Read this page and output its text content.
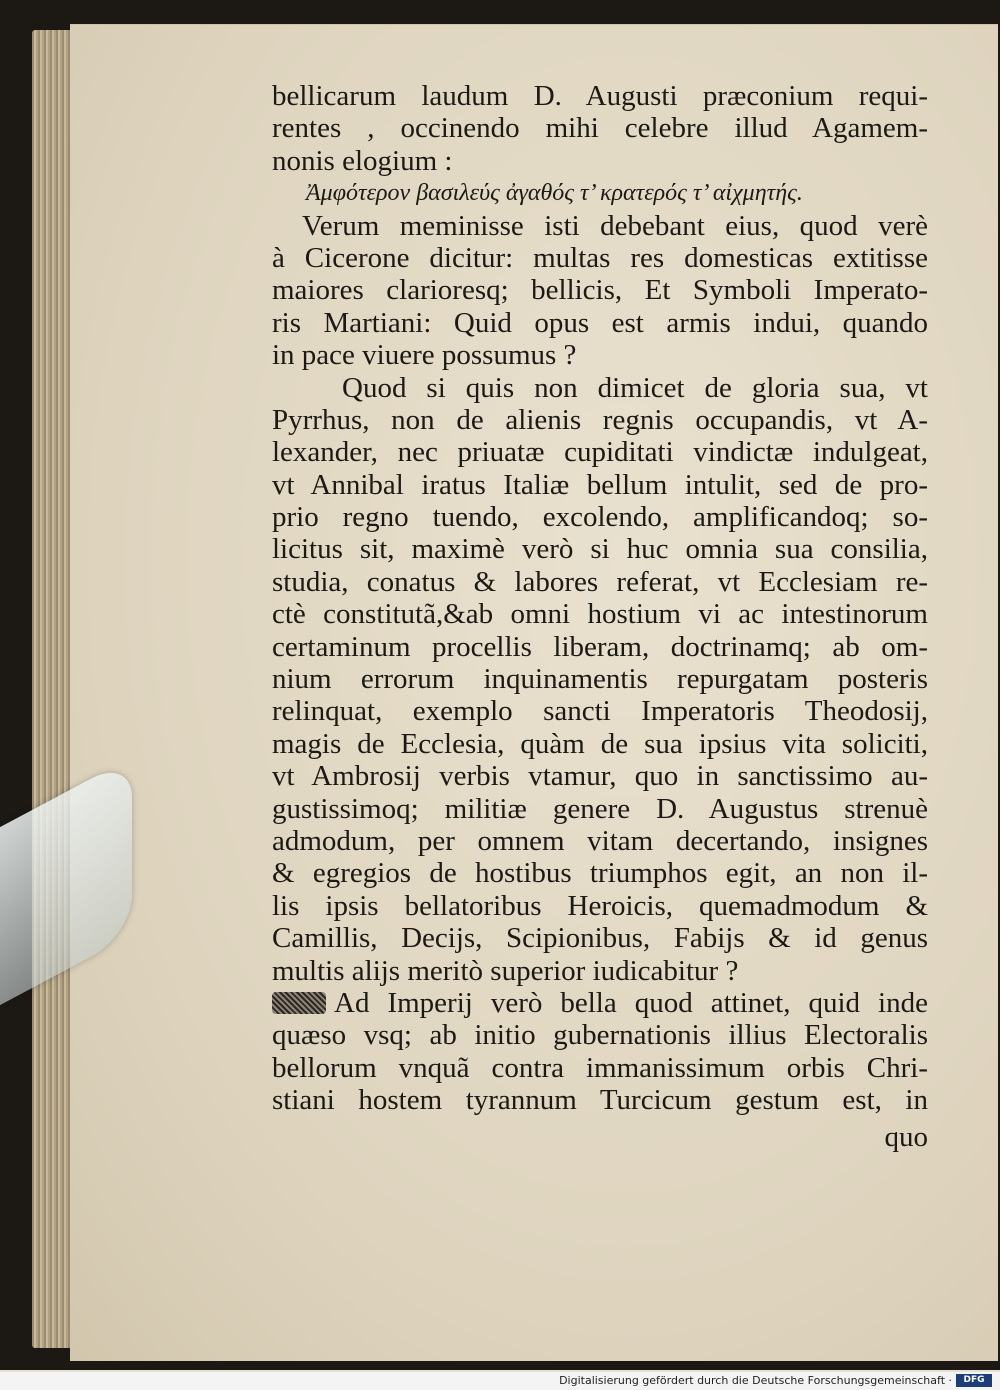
bellicarum laudum D. Augusti præconium requi-
rentes , occinendo mihi celebre illud Agamem-
nonis elogium :
Ἀμφότερον βασιλεύς ἀγαθός τ’ κρατερός τ’ αἰχμητής.
Verum meminisse isti debebant eius, quod verè
à Cicerone dicitur: multas res domesticas extitisse
maiores clarioresq; bellicis, Et Symboli Imperato-
ris Martiani: Quid opus est armis indui, quando
in pace viuere possumus ?
Quod si quis non dimicet de gloria sua, vt
Pyrrhus, non de alienis regnis occupandis, vt A-
lexander, nec priuatæ cupiditati vindictæ indulgeat,
vt Annibal iratus Italiæ bellum intulit, sed de pro-
prio regno tuendo, excolendo, amplificandoq; so-
licitus sit, maximè verò si huc omnia sua consilia,
studia, conatus & labores referat, vt Ecclesiam re-
ctè constitutã,&ab omni hostium vi ac intestinorum
certaminum procellis liberam, doctrinamq; ab om-
nium errorum inquinamentis repurgatam posteris
relinquat, exemplo sancti Imperatoris Theodosij,
magis de Ecclesia, quàm de sua ipsius vita soliciti,
vt Ambrosij verbis vtamur, quo in sanctissimo au-
gustissimoq; militiæ genere D. Augustus strenuè
admodum, per omnem vitam decertando, insignes
& egregios de hostibus triumphos egit, an non il-
lis ipsis bellatoribus Heroicis, quemadmodum &
Camillis, Decijs, Scipionibus, Fabijs & id genus
multis alijs meritò superior iudicabitur ?
Ad Imperij verò bella quod attinet, quid inde
quæso vsq; ab initio gubernationis illius Electoralis
bellorum vnquã contra immanissimum orbis Chri-
stiani hostem tyrannum Turcicum gestum est, in
quo
Digitalisierung gefördert durch die Deutsche Forschungsgemeinschaft ·	DFG
